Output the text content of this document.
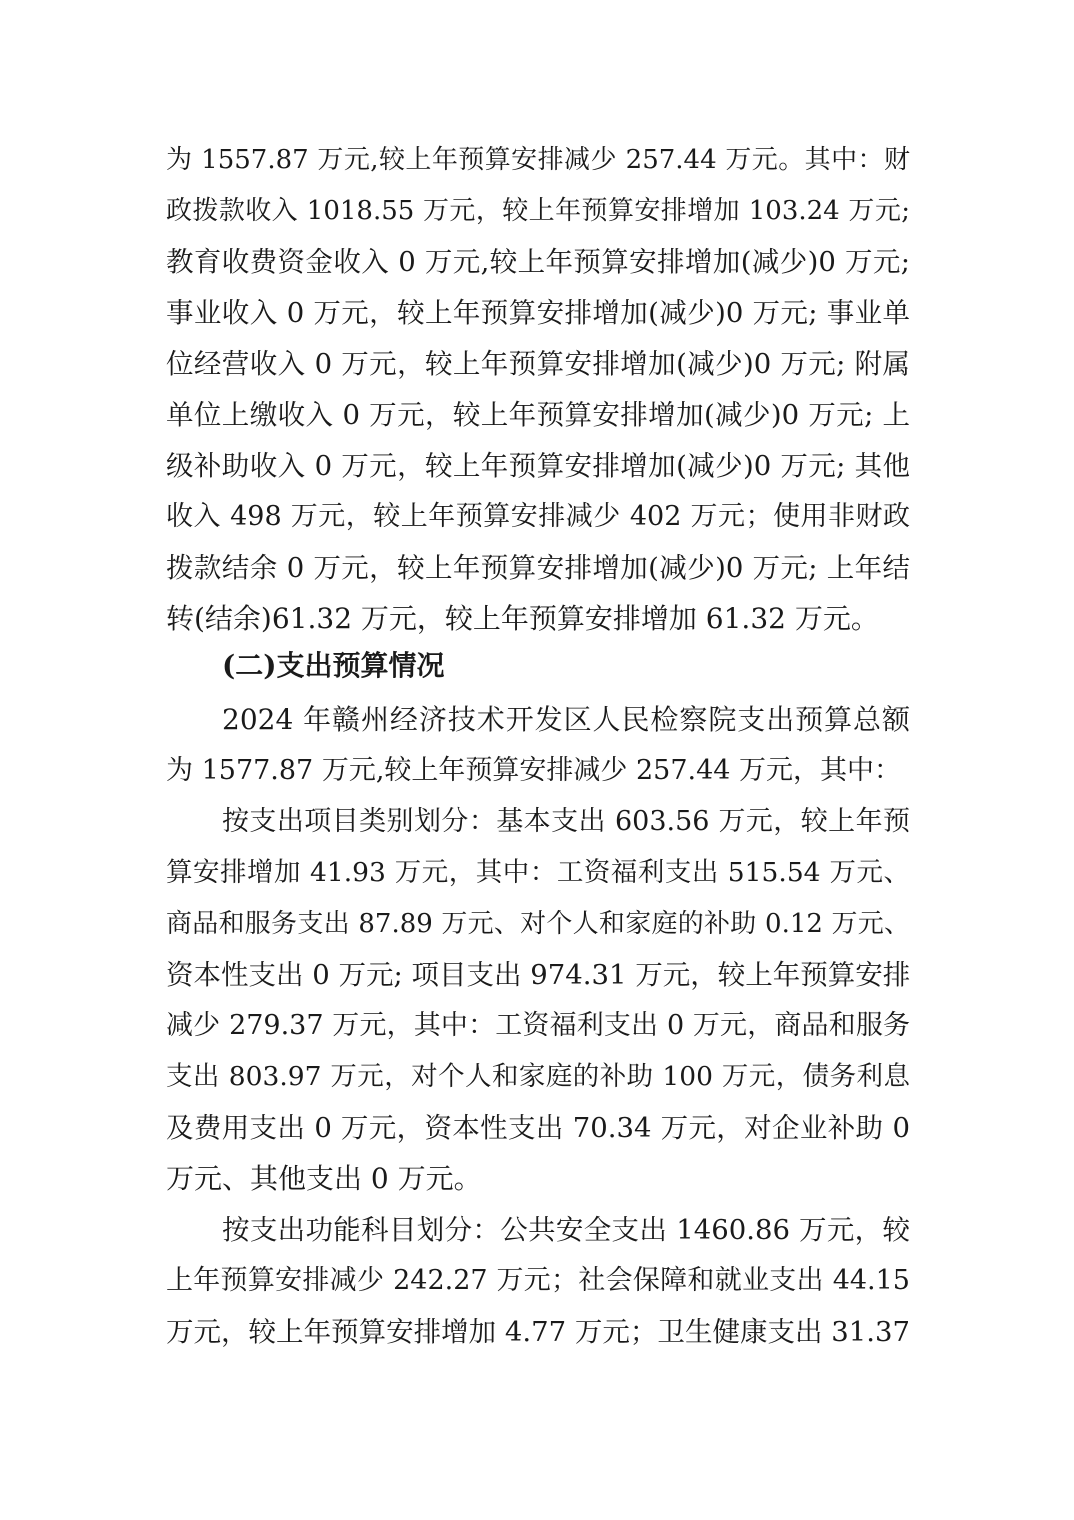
为 1557.87 万元,较上年预算安排减少 257.44 万元。其中：财
政拨款收入 1018.55 万元，较上年预算安排增加 103.24 万元;
教育收费资金收入 0 万元,较上年预算安排增加(减少)0 万元;
事业收入 0 万元，较上年预算安排增加(减少)0 万元; 事业单
位经营收入 0 万元，较上年预算安排增加(减少)0 万元; 附属
单位上缴收入 0 万元，较上年预算安排增加(减少)0 万元; 上
级补助收入 0 万元，较上年预算安排增加(减少)0 万元; 其他
收入 498 万元，较上年预算安排减少 402 万元；使用非财政
拨款结余 0 万元，较上年预算安排增加(减少)0 万元; 上年结
转(结余)61.32 万元，较上年预算安排增加 61.32 万元。
(二)支出预算情况
2024 年赣州经济技术开发区人民检察院支出预算总额
为 1577.87 万元,较上年预算安排减少 257.44 万元，其中：
按支出项目类别划分：基本支出 603.56 万元，较上年预
算安排增加 41.93 万元，其中：工资福利支出 515.54 万元、
商品和服务支出 87.89 万元、对个人和家庭的补助 0.12 万元、
资本性支出 0 万元; 项目支出 974.31 万元，较上年预算安排
减少 279.37 万元，其中：工资福利支出 0 万元，商品和服务
支出 803.97 万元，对个人和家庭的补助 100 万元，债务利息
及费用支出 0 万元，资本性支出 70.34 万元，对企业补助 0
万元、其他支出 0 万元。
按支出功能科目划分：公共安全支出 1460.86 万元，较
上年预算安排减少 242.27 万元；社会保障和就业支出 44.15
万元，较上年预算安排增加 4.77 万元；卫生健康支出 31.37
